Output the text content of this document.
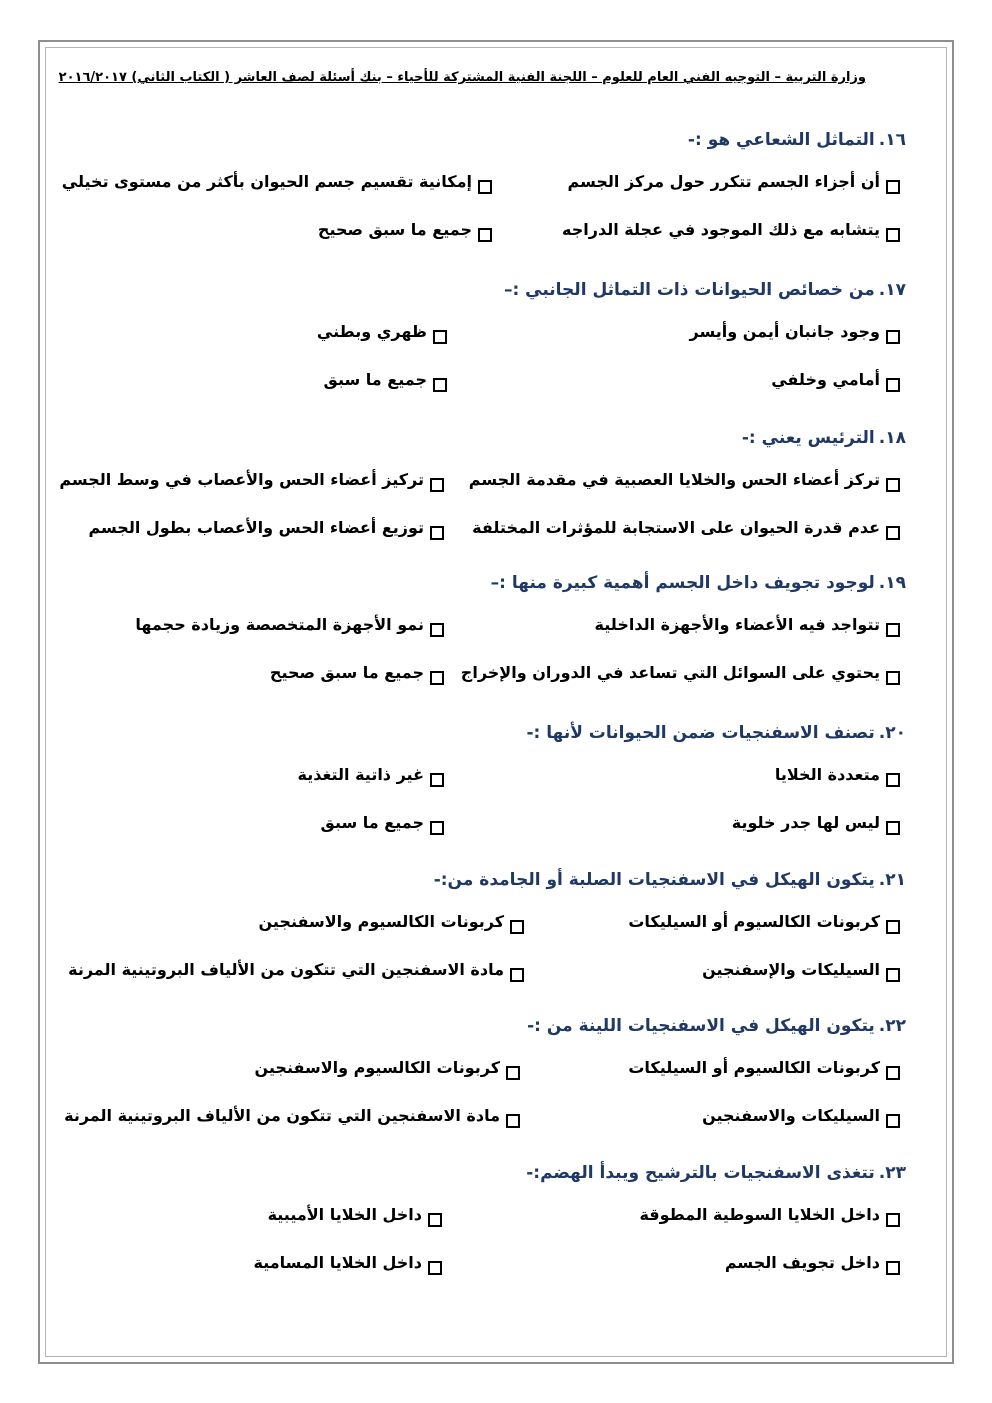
وزارة التربية – التوجيه الفني العام للعلوم – اللجنة الفنية المشتركة للأحياء – بنك أسئلة لصف العاشر ( الكتاب الثاني) ٢٠١٦/٢٠١٧
١٦.التماثل الشعاعي هو :-
أن أجزاء الجسم تتكرر حول مركز الجسم
إمكانية تقسيم جسم الحيوان بأكثر من مستوى تخيلي
يتشابه مع ذلك الموجود في عجلة الدراجه
جميع ما سبق صحيح
١٧.من خصائص الحيوانات ذات التماثل الجانبي :–
وجود جانبان أيمن وأيسر
ظهري وبطني
أمامي وخلفي
جميع ما سبق
١٨.الترئيس يعني :-
تركز أعضاء الحس والخلايا العصبية في مقدمة الجسم
تركيز أعضاء الحس والأعصاب في وسط الجسم
عدم قدرة الحيوان على الاستجابة للمؤثرات المختلفة
توزيع أعضاء الحس والأعصاب بطول الجسم
١٩.لوجود تجويف داخل الجسم أهمية كبيرة منها :–
تتواجد فيه الأعضاء والأجهزة الداخلية
نمو الأجهزة المتخصصة وزيادة حجمها
يحتوي على السوائل التي تساعد في الدوران والإخراج
جميع ما سبق صحيح
٢٠.تصنف الاسفنجيات ضمن الحيوانات لأنها :-
متعددة الخلايا
غير ذاتية التغذية
ليس لها جدر خلوية
جميع ما سبق
٢١.يتكون الهيكل في الاسفنجيات الصلبة أو الجامدة من:-
كربونات الكالسيوم أو السيليكات
كربونات الكالسيوم والاسفنجين
السيليكات والإسفنجين
مادة الاسفنجين التي تتكون من الألياف البروتينية المرنة
٢٢.يتكون الهيكل في الاسفنجيات اللينة من :-
كربونات الكالسيوم أو السيليكات
كربونات الكالسيوم والاسفنجين
السيليكات والاسفنجين
مادة الاسفنجين التي تتكون من الألياف البروتينية المرنة
٢٣.تتغذى الاسفنجيات بالترشيح ويبدأ الهضم:-
داخل الخلايا السوطية المطوقة
داخل الخلايا الأميبية
داخل تجويف الجسم
داخل الخلايا المسامية
